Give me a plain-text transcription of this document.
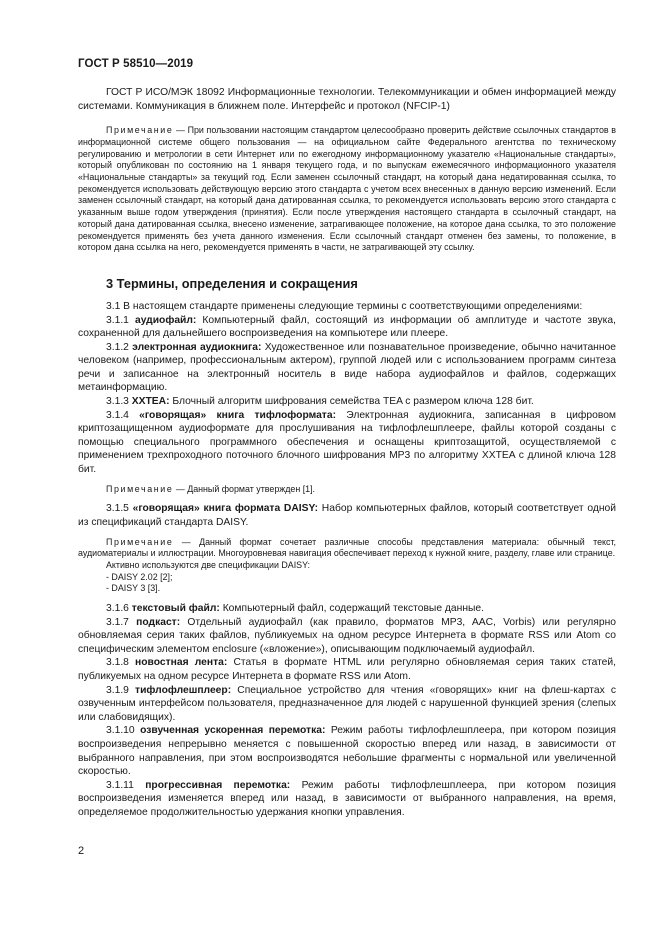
ГОСТ Р 58510—2019

ГОСТ Р ИСО/МЭК 18092 Информационные технологии. Телекоммуникации и обмен информацией между системами. Коммуникация в ближнем поле. Интерфейс и протокол (NFCIP-1)

Примечание — При пользовании настоящим стандартом целесообразно проверить действие ссылочных стандартов в информационной системе общего пользования — на официальном сайте Федерального агентства по техническому регулированию и метрологии в сети Интернет или по ежегодному информационному указателю «Национальные стандарты», который опубликован по состоянию на 1 января текущего года, и по выпускам ежемесячного информационного указателя «Национальные стандарты» за текущий год. Если заменен ссылочный стандарт, на который дана недатированная ссылка, то рекомендуется использовать действующую версию этого стандарта с учетом всех внесенных в данную версию изменений. Если заменен ссылочный стандарт, на который дана датированная ссылка, то рекомендуется использовать версию этого стандарта с указанным выше годом утверждения (принятия). Если после утверждения настоящего стандарта в ссылочный стандарт, на который дана датированная ссылка, внесено изменение, затрагивающее положение, на которое дана ссылка, то это положение рекомендуется применять без учета данного изменения. Если ссылочный стандарт отменен без замены, то положение, в котором дана ссылка на него, рекомендуется применять в части, не затрагивающей эту ссылку.

3 Термины, определения и сокращения

3.1 В настоящем стандарте применены следующие термины с соответствующими определениями:

3.1.1 аудиофайл: Компьютерный файл, состоящий из информации об амплитуде и частоте звука, сохраненной для дальнейшего воспроизведения на компьютере или плеере.

3.1.2 электронная аудиокнига: Художественное или познавательное произведение, обычно начитанное человеком (например, профессиональным актером), группой людей или с использованием программ синтеза речи и записанное на электронный носитель в виде набора аудиофайлов и файлов, содержащих метаинформацию.

3.1.3 XXTEA: Блочный алгоритм шифрования семейства TEA с размером ключа 128 бит.

3.1.4 «говорящая» книга тифлоформата: Электронная аудиокнига, записанная в цифровом криптозащищенном аудиоформате для прослушивания на тифлофлешплеере, файлы которой созданы с помощью специального программного обеспечения и оснащены криптозащитой, осуществляемой с применением трехпроходного поточного блочного шифрования MP3 по алгоритму XXTEA с длиной ключа 128 бит.

Примечание — Данный формат утвержден [1].

3.1.5 «говорящая» книга формата DAISY: Набор компьютерных файлов, который соответствует одной из спецификаций стандарта DAISY.

Примечание — Данный формат сочетает различные способы представления материала: обычный текст, аудиоматериалы и иллюстрации. Многоуровневая навигация обеспечивает переход к нужной книге, разделу, главе или странице.

Активно используются две спецификации DAISY:
- DAISY 2.02 [2];
- DAISY 3 [3].

3.1.6 текстовый файл: Компьютерный файл, содержащий текстовые данные.

3.1.7 подкаст: Отдельный аудиофайл (как правило, форматов MP3, AAC, Vorbis) или регулярно обновляемая серия таких файлов, публикуемых на одном ресурсе Интернета в формате RSS или Atom со специфическим элементом enclosure («вложение»), описывающим подключаемый аудиофайл.

3.1.8 новостная лента: Статья в формате HTML или регулярно обновляемая серия таких статей, публикуемых на одном ресурсе Интернета в формате RSS или Atom.

3.1.9 тифлофлешплеер: Специальное устройство для чтения «говорящих» книг на флеш-картах с озвученным интерфейсом пользователя, предназначенное для людей с нарушенной функцией зрения (слепых или слабовидящих).

3.1.10 озвученная ускоренная перемотка: Режим работы тифлофлешплеера, при котором позиция воспроизведения непрерывно меняется с повышенной скоростью вперед или назад, в зависимости от выбранного направления, при этом воспроизводятся небольшие фрагменты с нормальной или увеличенной скоростью.

3.1.11 прогрессивная перемотка: Режим работы тифлофлешплеера, при котором позиция воспроизведения изменяется вперед или назад, в зависимости от выбранного направления, на время, определяемое продолжительностью удержания кнопки управления.

2
